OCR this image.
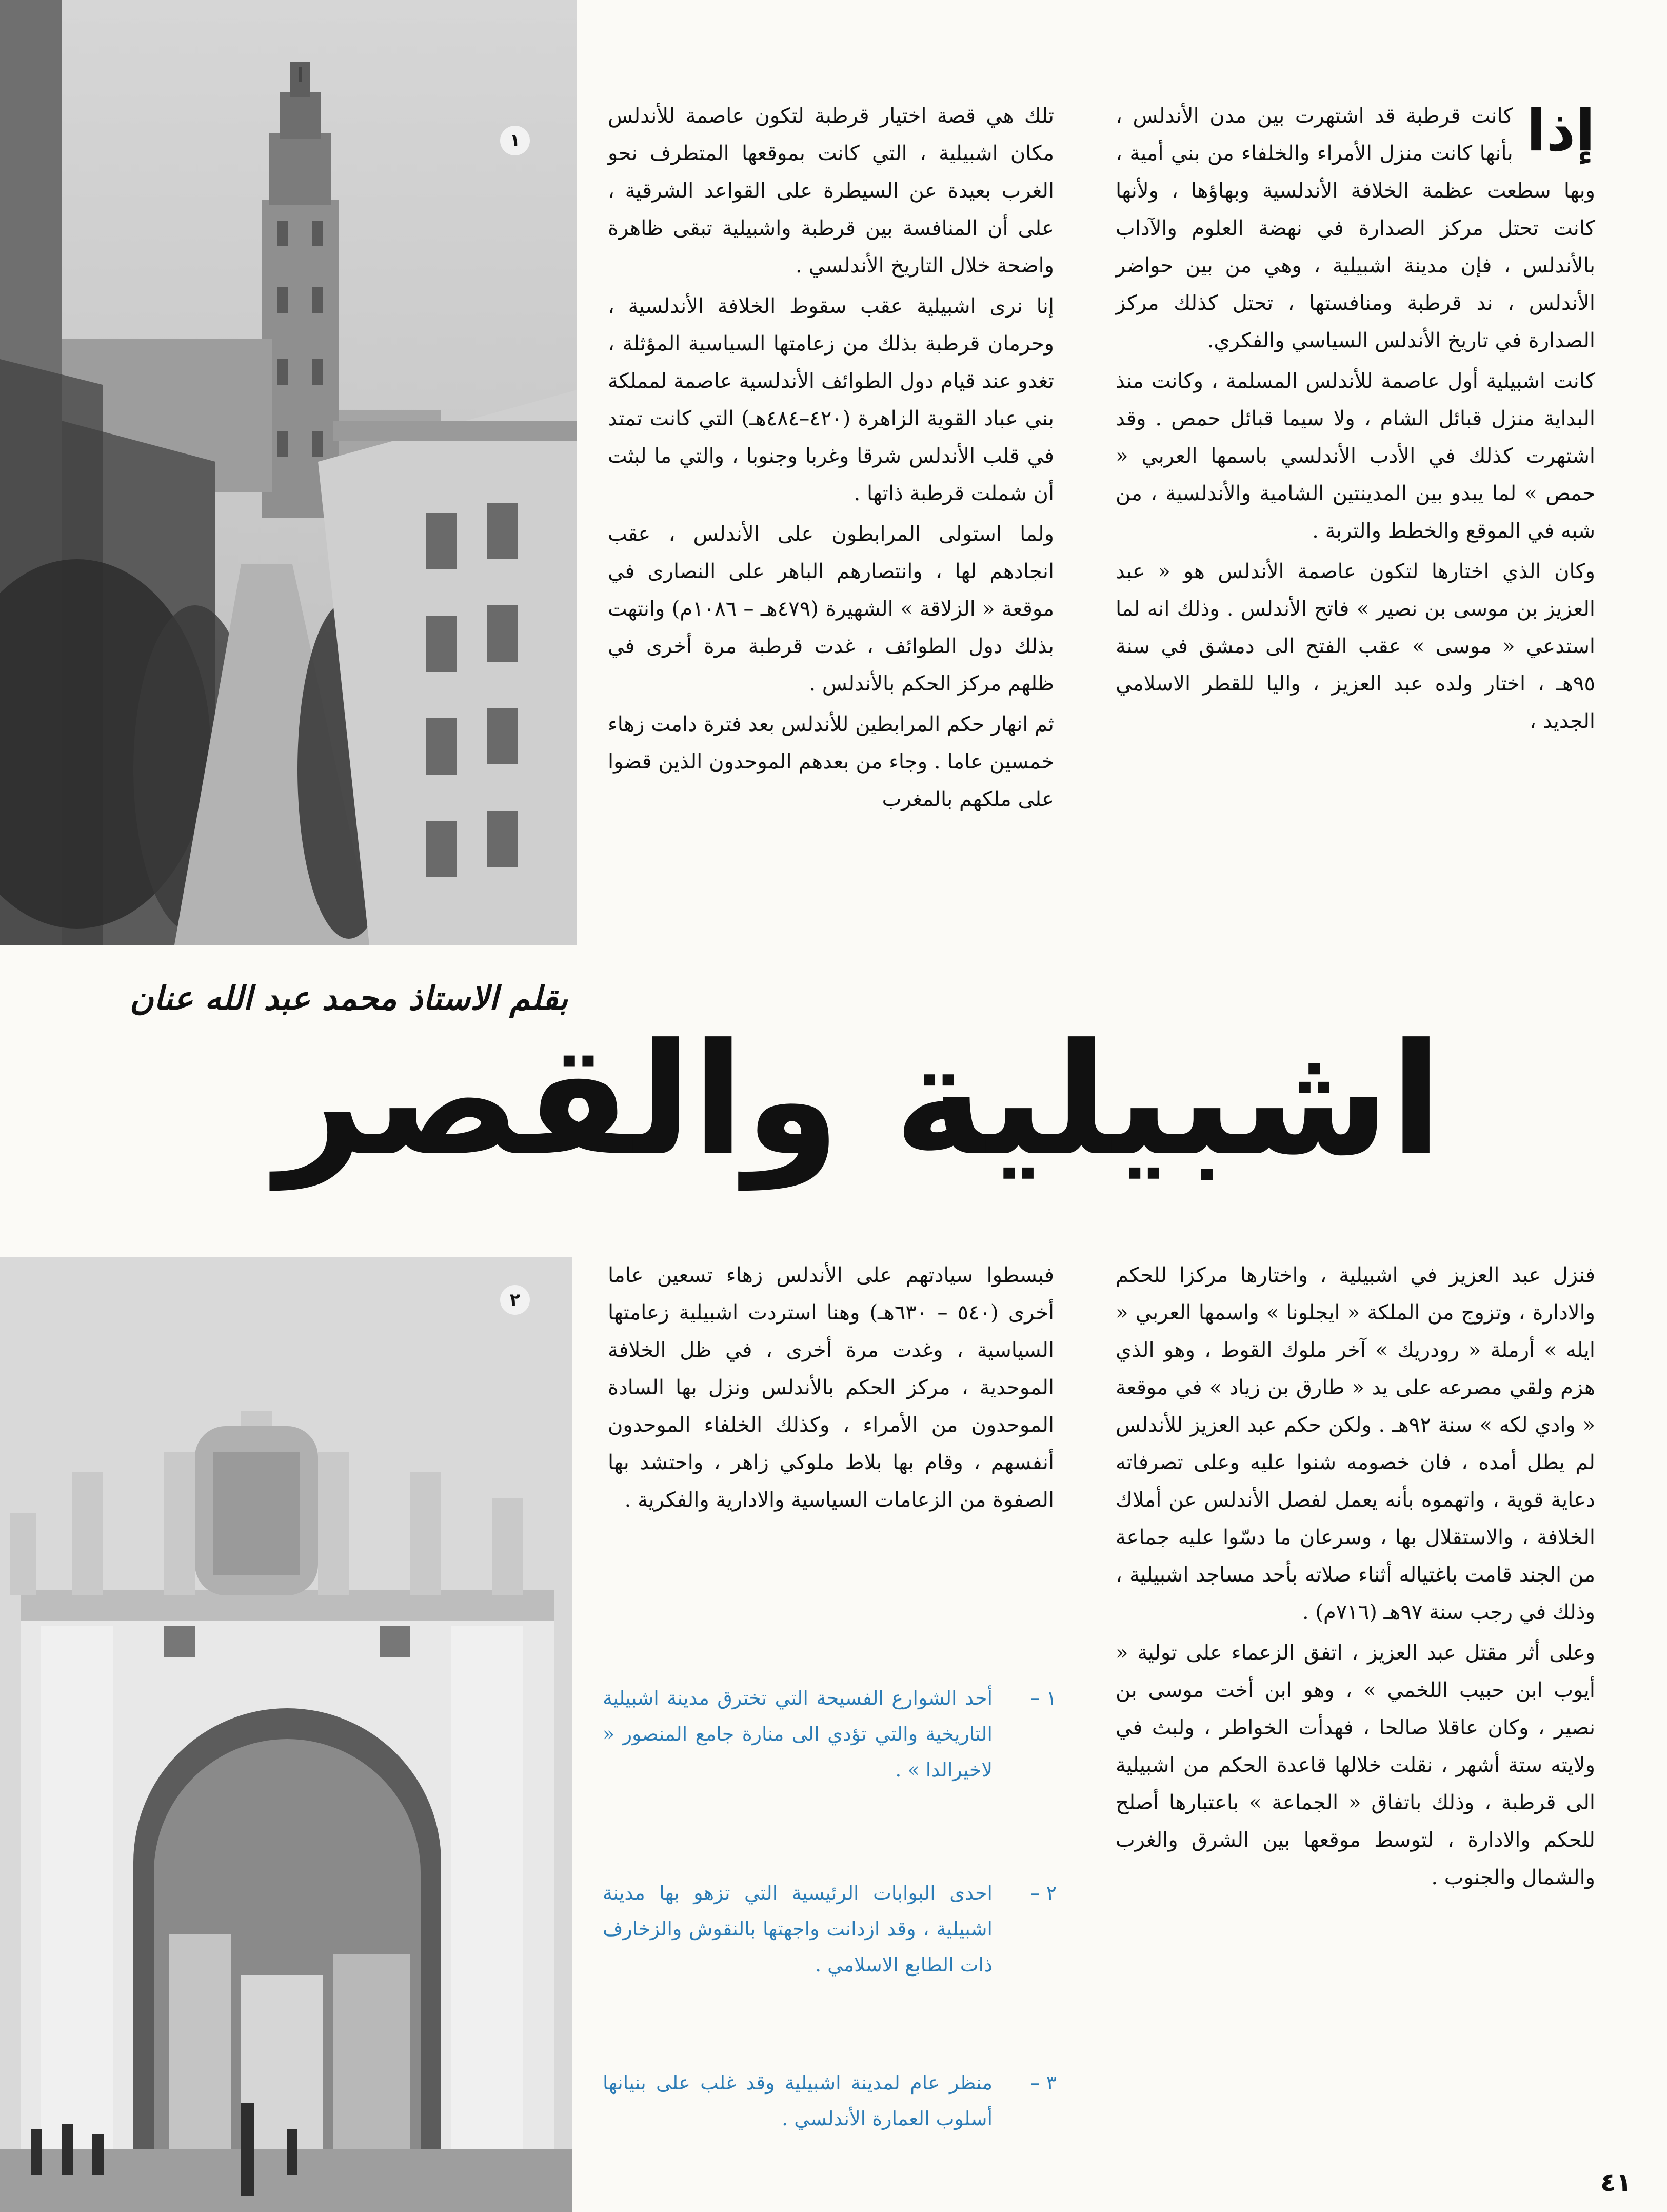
١

تلك هي قصة اختيار قرطبة لتكون عاصمة للأندلس مكان اشبيلية ، التي كانت بموقعها المتطرف نحو الغرب بعيدة عن السيطرة على القواعد الشرقية ، على أن المنافسة بين قرطبة واشبيلية تبقى ظاهرة واضحة خلال التاريخ الأندلسي .

إنا نرى اشبيلية عقب سقوط الخلافة الأندلسية ، وحرمان قرطبة بذلك من زعامتها السياسية المؤثلة ، تغدو عند قيام دول الطوائف الأندلسية عاصمة لمملكة بني عباد القوية الزاهرة (٤٢٠–٤٨٤هـ) التي كانت تمتد في قلب الأندلس شرقا وغربا وجنوبا ، والتي ما لبثت أن شملت قرطبة ذاتها .

ولما استولى المرابطون على الأندلس ، عقب انجادهم لها ، وانتصارهم الباهر على النصارى في موقعة « الزلاقة » الشهيرة (٤٧٩هـ – ١٠٨٦م) وانتهت بذلك دول الطوائف ، غدت قرطبة مرة أخرى في ظلهم مركز الحكم بالأندلس .

ثم انهار حكم المرابطين للأندلس بعد فترة دامت زهاء خمسين عاما . وجاء من بعدهم الموحدون الذين قضوا على ملكهم بالمغرب

إذا

كانت قرطبة قد اشتهرت بين مدن الأندلس ، بأنها كانت منزل الأمراء والخلفاء من بني أمية ، وبها سطعت عظمة الخلافة الأندلسية وبهاؤها ، ولأنها كانت تحتل مركز الصدارة في نهضة العلوم والآداب بالأندلس ، فإن مدينة اشبيلية ، وهي من بين حواضر الأندلس ، ند قرطبة ومنافستها ، تحتل كذلك مركز الصدارة في تاريخ الأندلس السياسي والفكري.

كانت اشبيلية أول عاصمة للأندلس المسلمة ، وكانت منذ البداية منزل قبائل الشام ، ولا سيما قبائل حمص . وقد اشتهرت كذلك في الأدب الأندلسي باسمها العربي « حمص » لما يبدو بين المدينتين الشامية والأندلسية ، من شبه في الموقع والخطط والتربة .

وكان الذي اختارها لتكون عاصمة الأندلس هو « عبد العزيز بن موسى بن نصير » فاتح الأندلس . وذلك انه لما استدعي « موسى » عقب الفتح الى دمشق في سنة ٩٥هـ ، اختار ولده عبد العزيز ، واليا للقطر الاسلامي الجديد ،

بقلم الاستاذ محمد عبد الله عنان
اشبيلية والقصر
٢

فبسطوا سيادتهم على الأندلس زهاء تسعين عاما أخرى (٥٤٠ – ٦٣٠هـ) وهنا استردت اشبيلية زعامتها السياسية ، وغدت مرة أخرى ، في ظل الخلافة الموحدية ، مركز الحكم بالأندلس ونزل بها السادة الموحدون من الأمراء ، وكذلك الخلفاء الموحدون أنفسهم ، وقام بها بلاط ملوكي زاهر ، واحتشد بها الصفوة من الزعامات السياسية والادارية والفكرية .

١ –
أحد الشوارع الفسيحة التي تخترق مدينة اشبيلية التاريخية والتي تؤدي الى منارة جامع المنصور « لاخيرالدا » .
٢ –
احدى البوابات الرئيسية التي تزهو بها مدينة اشبيلية ، وقد ازدانت واجهتها بالنقوش والزخارف ذات الطابع الاسلامي .
٣ –
منظر عام لمدينة اشبيلية وقد غلب على بنيانها أسلوب العمارة الأندلسي .

فنزل عبد العزيز في اشبيلية ، واختارها مركزا للحكم والادارة ، وتزوج من الملكة « ايجلونا » واسمها العربي « ايله » أرملة « رودريك » آخر ملوك القوط ، وهو الذي هزم ولقي مصرعه على يد « طارق بن زياد » في موقعة « وادي لكه » سنة ٩٢هـ . ولكن حكم عبد العزيز للأندلس لم يطل أمده ، فان خصومه شنوا عليه وعلى تصرفاته دعاية قوية ، واتهموه بأنه يعمل لفصل الأندلس عن أملاك الخلافة ، والاستقلال بها ، وسرعان ما دسّوا عليه جماعة من الجند قامت باغتياله أثناء صلاته بأحد مساجد اشبيلية ، وذلك في رجب سنة ٩٧هـ (٧١٦م) .

وعلى أثر مقتل عبد العزيز ، اتفق الزعماء على تولية « أيوب ابن حبيب اللخمي » ، وهو ابن أخت موسى بن نصير ، وكان عاقلا صالحا ، فهدأت الخواطر ، ولبث في ولايته ستة أشهر ، نقلت خلالها قاعدة الحكم من اشبيلية الى قرطبة ، وذلك باتفاق « الجماعة » باعتبارها أصلح للحكم والادارة ، لتوسط موقعها بين الشرق والغرب والشمال والجنوب .

٤١
